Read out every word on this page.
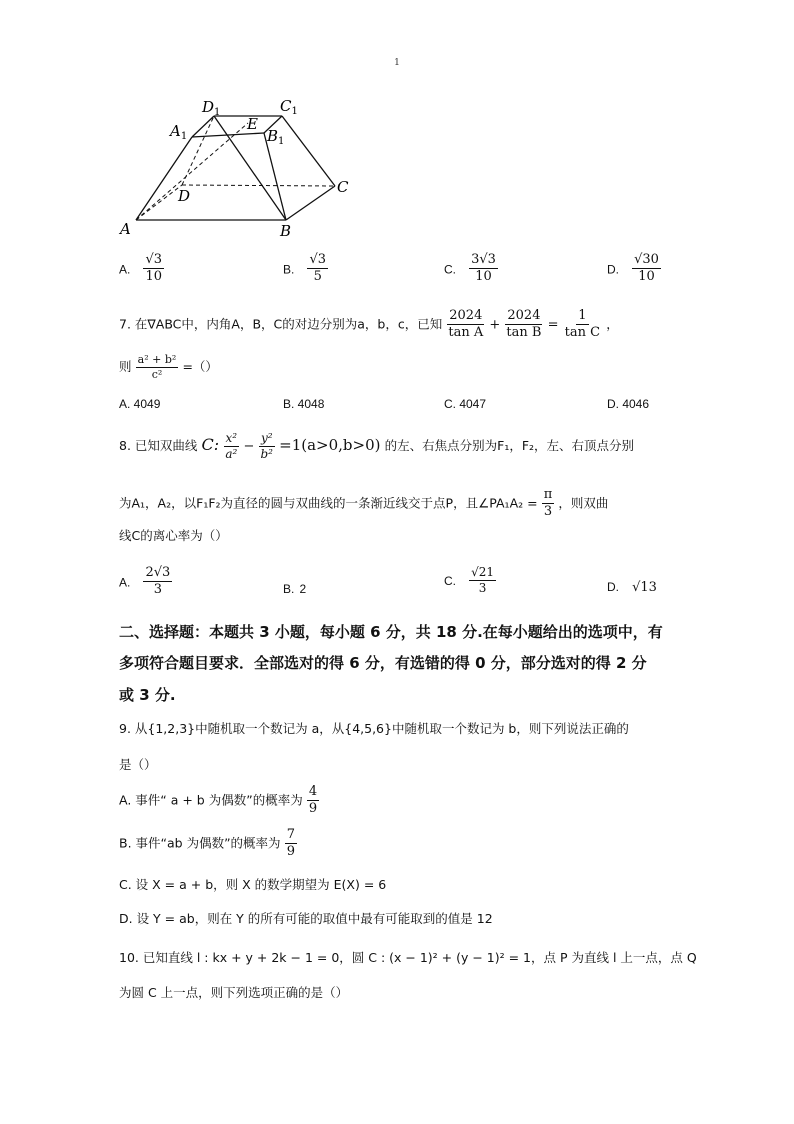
1
$D_1$	$C_1$
$A_1$
E
$B_1$
D	C
A	B
A. $\frac{√3}{10}$	B. $\frac{√3}{5}$	C. $\frac{3√3}{10}$	D. $\frac{√30}{10}$
7. 在∇ABC中，内角A，B，C的对边分别为a，b，c，已知 $\frac{2024}{\text{tan A}} + \frac{2024}{\text{tan B}} = \frac{1}{\text{tan C}}$ ，
则 $\frac{\text{a² + b²}}{\text{c²}}$ =（）
A. 4049	B. 4048	C. 4047	D. 4046
8. 已知双曲线 C: $\frac{\text{x²}}{\text{a²}} - \frac{\text{y²}}{\text{b²}} =1(a>0,b>0)$ 的左、右焦点分别为F₁，F₂，左、右顶点分别
为A₁，A₂，以F₁F₂为直径的圆与双曲线的一条渐近线交于点P，且∠PA₁A₂ = $\frac{\pi}{3}$ ，则双曲
线C的离心率为（）
A. $\frac{2√3}{3}$	B. 2
C. $\frac{√21}{3}$	D. √13
二、选择题：本题共 3 小题，每小题 6 分，共 18 分.在每小题给出的选项中，有
多项符合题目要求．全部选对的得 6 分，有选错的得 0 分，部分选对的得 2 分
或 3 分.
9. 从{1,2,3}中随机取一个数记为 a，从{4,5,6}中随机取一个数记为 b，则下列说法正确的
是（）
A. 事件“ a + b 为偶数”的概率为 $\frac{4}{9}$
B. 事件“ab 为偶数”的概率为 $\frac{7}{9}$
C. 设 X = a + b，则 X 的数学期望为 E(X) = 6
D. 设 Y = ab，则在 Y 的所有可能的取值中最有可能取到的值是 12
10. 已知直线 l : kx + y + 2k − 1 = 0，圆 C : (x − 1)² + (y − 1)² = 1，点 P 为直线 l 上一点，点 Q
为圆 C 上一点，则下列选项正确的是（）
